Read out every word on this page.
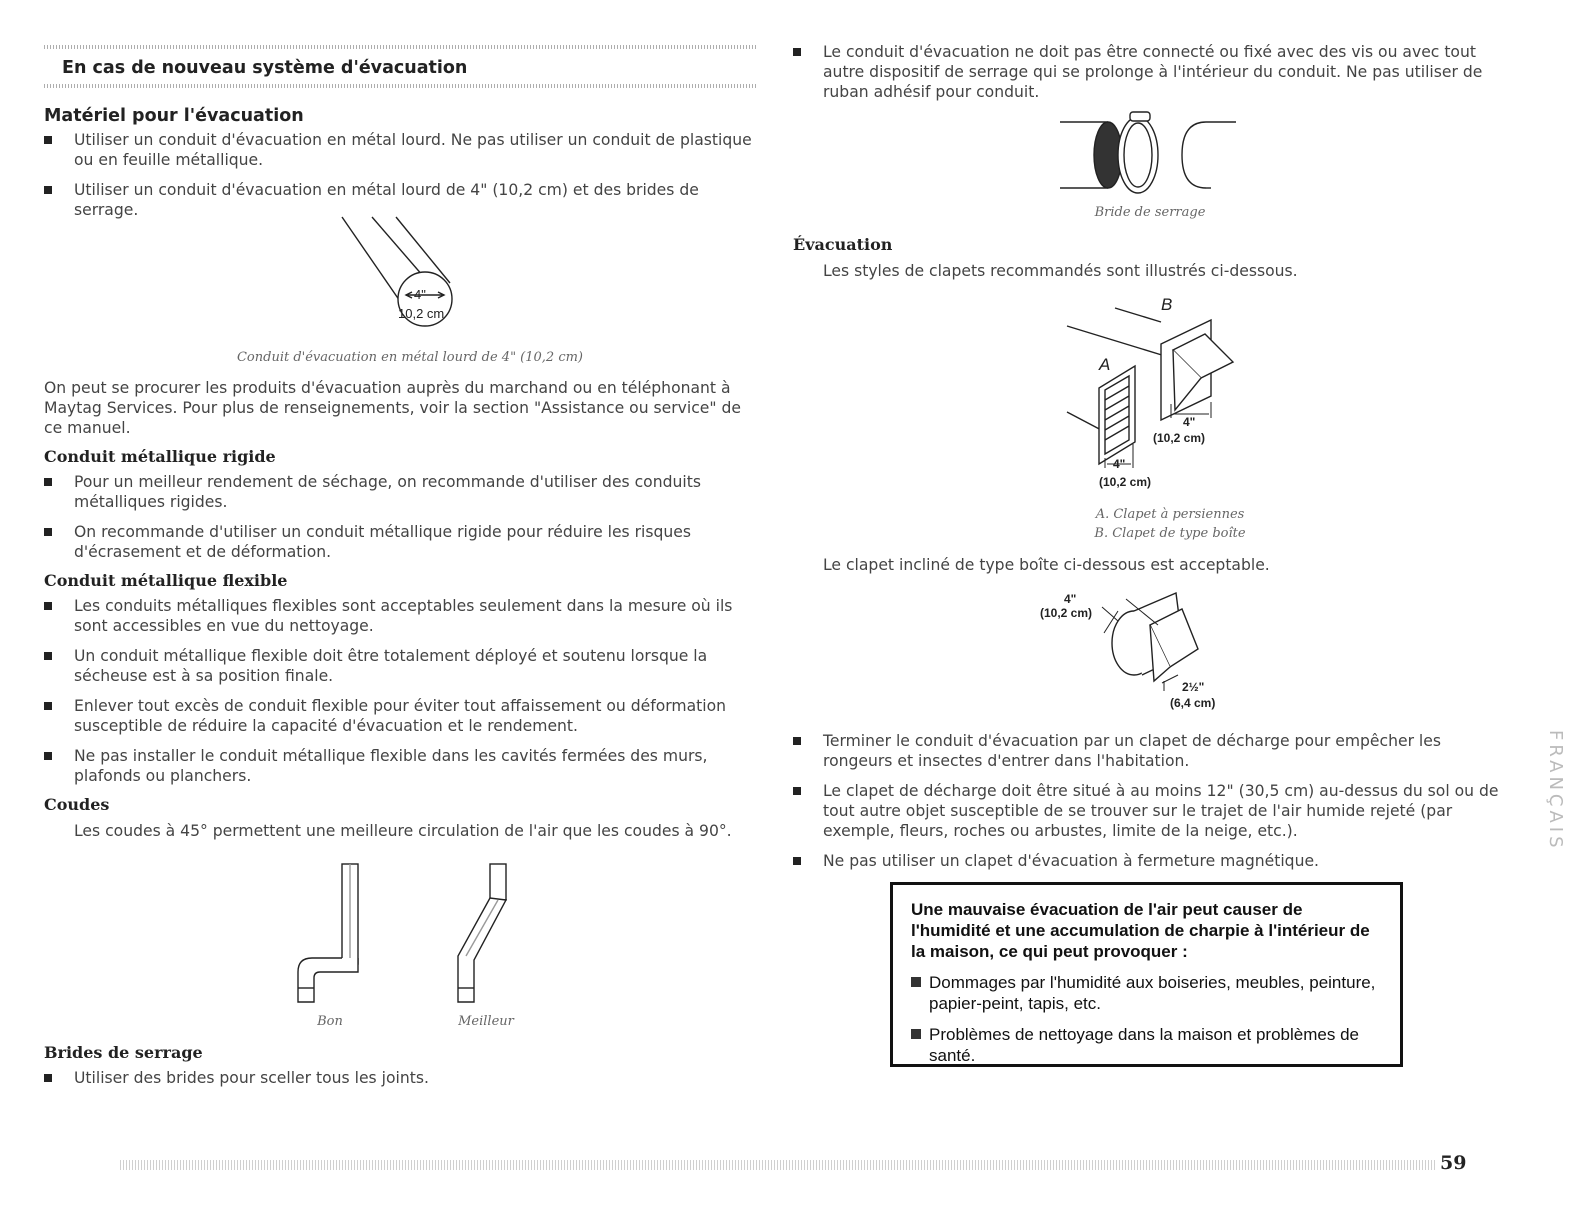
En cas de nouveau système d'évacuation
Matériel pour l'évacuation
Utiliser un conduit d'évacuation en métal lourd. Ne pas utiliser un conduit de plastique ou en feuille métallique.
Utiliser un conduit d'évacuation en métal lourd de 4" (10,2 cm) et des brides de serrage.
4"
10,2 cm
Conduit d'évacuation en métal lourd de 4" (10,2 cm)
On peut se procurer les produits d'évacuation auprès du marchand ou en téléphonant à Maytag Services. Pour plus de renseignements, voir la section "Assistance ou service" de ce manuel.
Conduit métallique rigide
Pour un meilleur rendement de séchage, on recommande d'utiliser des conduits métalliques rigides.
On recommande d'utiliser un conduit métallique rigide pour réduire les risques d'écrasement et de déformation.
Conduit métallique flexible
Les conduits métalliques flexibles sont acceptables seulement dans la mesure où ils sont accessibles en vue du nettoyage.
Un conduit métallique flexible doit être totalement déployé et soutenu lorsque la sécheuse est à sa position finale.
Enlever tout excès de conduit flexible pour éviter tout affaissement ou déformation susceptible de réduire la capacité d'évacuation et le rendement.
Ne pas installer le conduit métallique flexible dans les cavités fermées des murs, plafonds ou planchers.
Coudes
Les coudes à 45° permettent une meilleure circulation de l'air que les coudes à 90°.
Bon	Meilleur
Brides de serrage
Utiliser des brides pour sceller tous les joints.
Le conduit d'évacuation ne doit pas être connecté ou fixé avec des vis ou avec tout autre dispositif de serrage qui se prolonge à l'intérieur du conduit. Ne pas utiliser de ruban adhésif pour conduit.
Bride de serrage
Évacuation
Les styles de clapets recommandés sont illustrés ci-dessous.
A
B
4"
(10,2 cm)
4"
(10,2 cm)
A. Clapet à persiennes
B. Clapet de type boîte
Le clapet incliné de type boîte ci-dessous est acceptable.
4"
(10,2 cm)
2½"
(6,4 cm)
Terminer le conduit d'évacuation par un clapet de décharge pour empêcher les rongeurs et insectes d'entrer dans l'habitation.
Le clapet de décharge doit être situé à au moins 12" (30,5 cm) au-dessus du sol ou de tout autre objet susceptible de se trouver sur le trajet de l'air humide rejeté (par exemple, fleurs, roches ou arbustes, limite de la neige, etc.).
Ne pas utiliser un clapet d'évacuation à fermeture magnétique.
Une mauvaise évacuation de l'air peut causer de l'humidité et une accumulation de charpie à l'intérieur de la maison, ce qui peut provoquer :
Dommages par l'humidité aux boiseries, meubles, peinture, papier-peint, tapis, etc.
Problèmes de nettoyage dans la maison et problèmes de santé.
FRANÇAIS
59
